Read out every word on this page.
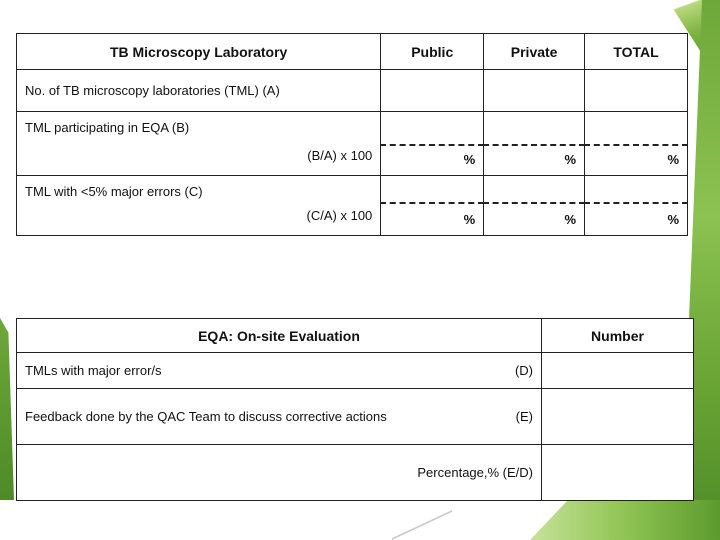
TB Microscopy Laboratory	Public	Private	TOTAL
No. of TB microscopy laboratories (TML) (A)			

TML participating in EQA (B)
(B/A) x 100	%	%	%

TML with <5% major errors (C)
(C/A) x 100	%	%	%
EQA: On-site Evaluation	Number

TMLs with major error/s (D)	

Feedback done by the QAC Team to discuss corrective actions (E)	

Percentage,% (E/D)	
